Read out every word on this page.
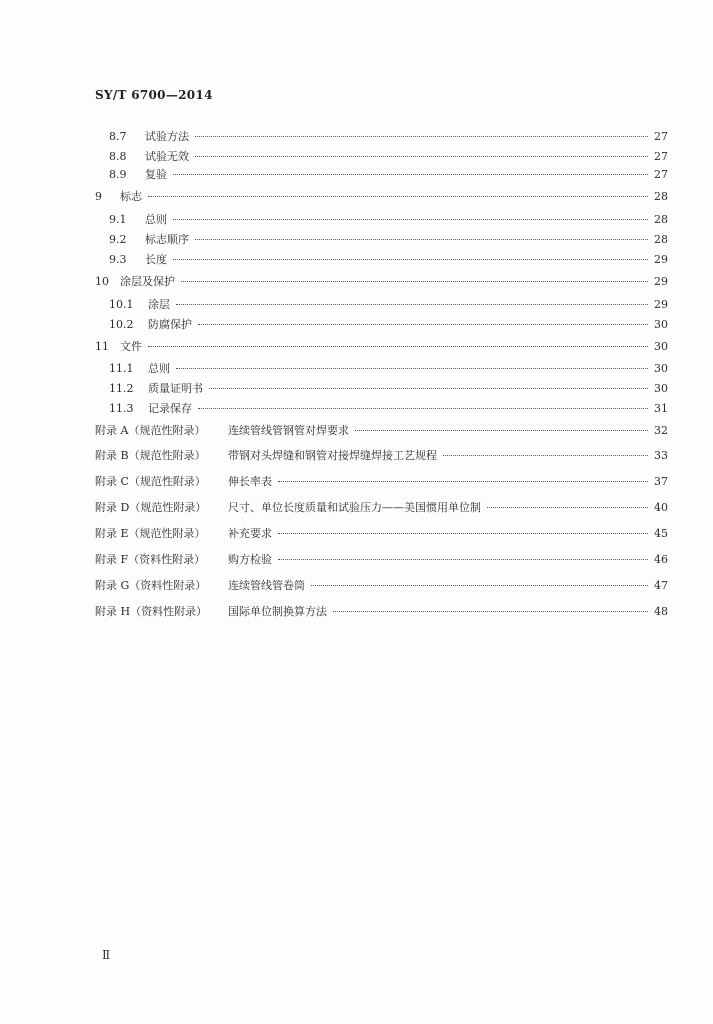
SY/T 6700—2014
8.7	试验方法	27
8.8	试验无效	27
8.9	复验	27
9	标志	28
9.1	总则	28
9.2	标志顺序	28
9.3	长度	29
10	涂层及保护	29
10.1	涂层	29
10.2	防腐保护	30
11	文件	30
11.1	总则	30
11.2	质量证明书	30
11.3	记录保存	31
附录 A（规范性附录）	连续管线管钢管对焊要求	32
附录 B（规范性附录）	带钢对头焊缝和钢管对接焊缝焊接工艺规程	33
附录 C（规范性附录）	伸长率表	37
附录 D（规范性附录）	尺寸、单位长度质量和试验压力——美国惯用单位制	40
附录 E（规范性附录）	补充要求	45
附录 F（资料性附录）	购方检验	46
附录 G（资料性附录）	连续管线管卷筒	47
附录 H（资料性附录）	国际单位制换算方法	48
Ⅱ
